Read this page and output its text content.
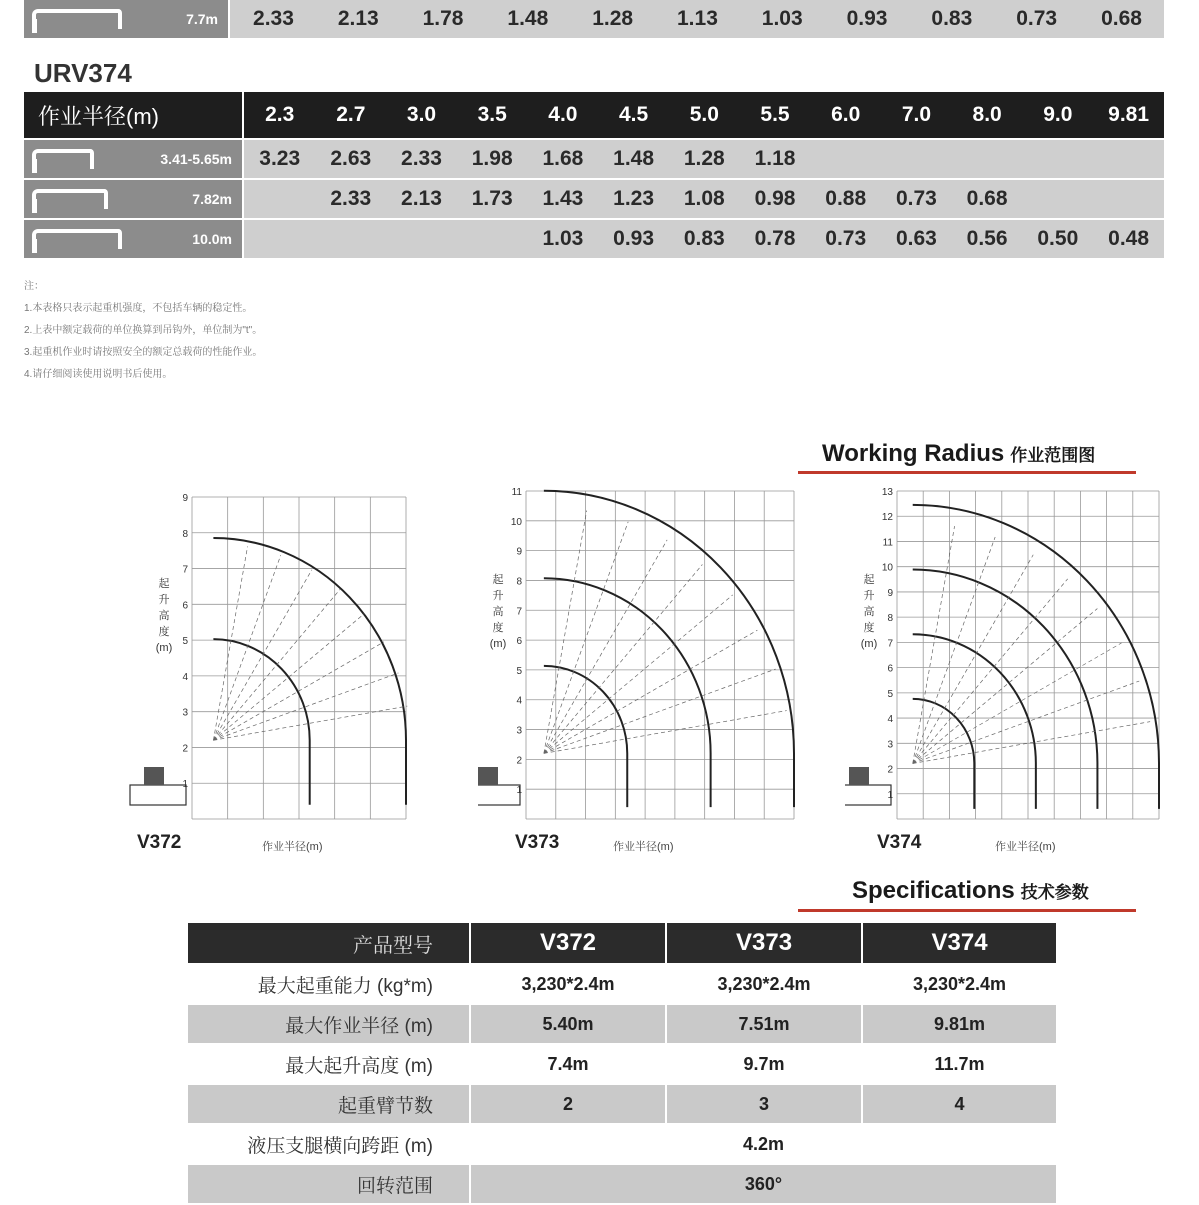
7.7m		2.33	2.13	1.78	1.48	1.28	1.13	1.03	0.93	0.83	0.73	0.68
URV374
作业半径(m)	2.3	2.7	3.0	3.5	4.0	4.5	5.0	5.5	6.0	7.0	8.0	9.0	9.81

3.41-5.65m	3.23	2.63	2.33	1.98	1.68	1.48	1.28	1.18					

7.82m		2.33	2.13	1.73	1.43	1.23	1.08	0.98	0.88	0.73	0.68		

10.0m					1.03	0.93	0.83	0.78	0.73	0.63	0.56	0.50	0.48
注：
1.本表格只表示起重机强度，不包括车辆的稳定性。
2.上表中额定载荷的单位换算到吊钩外，单位制为"t"。
3.起重机作业时请按照安全的额定总载荷的性能作业。
4.请仔细阅读使用说明书后使用。
Working Radius 作业范围图
1
2
3
4
5
6
7
8
9
起
升
高
度
(m)
1
2
3
4
5
6
7
8
9
10
11
起
升
高
度
(m)
1
2
3
4
5
6
7
8
9
10
11
12
13
起
升
高
度
(m)
V372	作业半径(m)	V373	作业半径(m)	V374	作业半径(m)
Specifications 技术参数
产品型号	V372	V373	V374
最大起重能力 (kg*m)	3,230*2.4m	3,230*2.4m	3,230*2.4m
最大作业半径 (m)	5.40m	7.51m	9.81m
最大起升高度 (m)	7.4m	9.7m	11.7m
起重臂节数	2	3	4
液压支腿横向跨距 (m)	4.2m		
回转范围	360°		
